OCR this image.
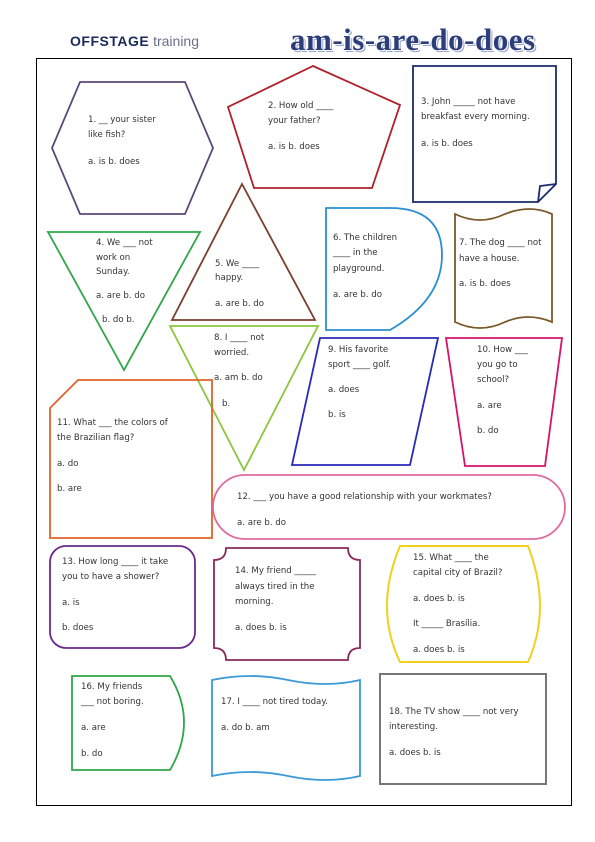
OFFSTAGE training	am-is-are-do-does
1. __ your sister
like fish?
a. is b. does
2. How old ____
your father?
a. is b. does
3. John _____ not have
breakfast every morning.
a. is b. does
4. We ___ not
work on
Sunday.
a. are b. do
b. do b.
5. We ____
happy.
a. are b. do
6. The children
____ in the
playground.
a. are b. do
7. The dog ____ not
have a house.
a. is b. does
8. I ____ not
worried.
a. am b. do
b.
9. His favorite
sport ____ golf.
a. does
b. is
10. How ___
you go to
school?
a. are
b. do
11. What ___ the colors of
the Brazilian flag?
a. do
b. are
12. ___ you have a good relationship with your workmates?
a. are b. do
13. How long ____ it take
you to have a shower?
a. is
b. does
14. My friend _____
always tired in the
morning.
a. does b. is
15. What ____ the
capital city of Brazil?
a. does b. is
It _____ Brasília.
a. does b. is
16. My friends
___ not boring.
a. are
b. do
17. I ____ not tired today.
a. do b. am
18. The TV show ____ not very
interesting.
a. does b. is
